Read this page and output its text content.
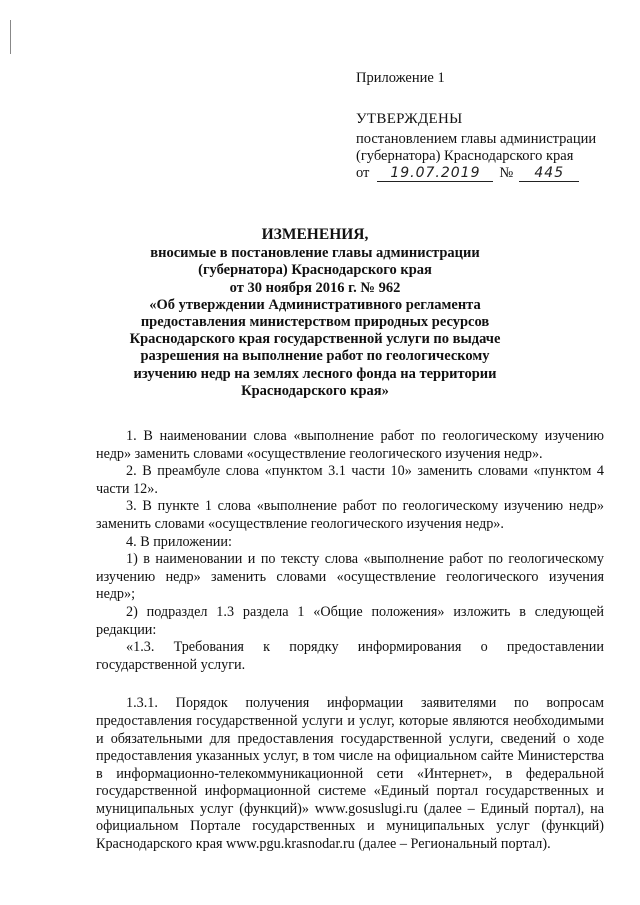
Приложение 1
УТВЕРЖДЕНЫ
постановлением главы администрации
(губернатора) Краснодарского края
от	19.07.2019	№	445
ИЗМЕНЕНИЯ,
вносимые в постановление главы администрации
(губернатора) Краснодарского края
от 30 ноября 2016 г. № 962
«Об утверждении Административного регламента
предоставления министерством природных ресурсов
Краснодарского края государственной услуги по выдаче
разрешения на выполнение работ по геологическому
изучению недр на землях лесного фонда на территории
Краснодарского края»

1. В наименовании слова «выполнение работ по геологическому изучению недр» заменить словами «осуществление геологического изучения недр».

2. В преамбуле слова «пунктом 3.1 части 10» заменить словами «пунктом 4 части 12».

3. В пункте 1 слова «выполнение работ по геологическому изучению недр» заменить словами «осуществление геологического изучения недр».

4. В приложении:

1) в наименовании и по тексту слова «выполнение работ по геологическому изучению недр» заменить словами «осуществление геологического изучения недр»;

2) подраздел 1.3 раздела 1 «Общие положения» изложить в следующей редакции:

«1.3. Требования к порядку информирования о предоставлении государственной услуги.

1.3.1. Порядок получения информации заявителями по вопросам предоставления государственной услуги и услуг, которые являются необходимыми и обязательными для предоставления государственной услуги, сведений о ходе предоставления указанных услуг, в том числе на официальном сайте Министерства в информационно-телекоммуникационной сети «Интернет», в федеральной государственной информационной системе «Единый портал государственных и муниципальных услуг (функций)» www.gosuslugi.ru (далее – Единый портал), на официальном Портале государственных и муниципальных услуг (функций) Краснодарского края www.pgu.krasnodar.ru (далее – Региональный портал).
